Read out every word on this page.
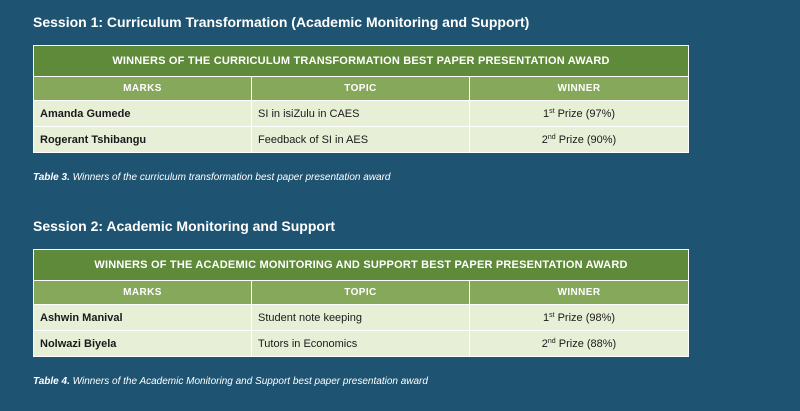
Session 1: Curriculum Transformation (Academic Monitoring and Support)
WINNERS OF THE CURRICULUM TRANSFORMATION BEST PAPER PRESENTATION AWARD		
MARKS	TOPIC	WINNER
Amanda Gumede	SI in isiZulu in CAES	1st Prize (97%)
Rogerant Tshibangu	Feedback of SI in AES	2nd Prize (90%)

Table 3. Winners of the curriculum transformation best paper presentation award

Session 2: Academic Monitoring and Support
WINNERS OF THE ACADEMIC MONITORING AND SUPPORT BEST PAPER PRESENTATION AWARD		
MARKS	TOPIC	WINNER
Ashwin Manival	Student note keeping	1st Prize (98%)
Nolwazi Biyela	Tutors in Economics	2nd Prize (88%)

Table 4. Winners of the Academic Monitoring and Support best paper presentation award
